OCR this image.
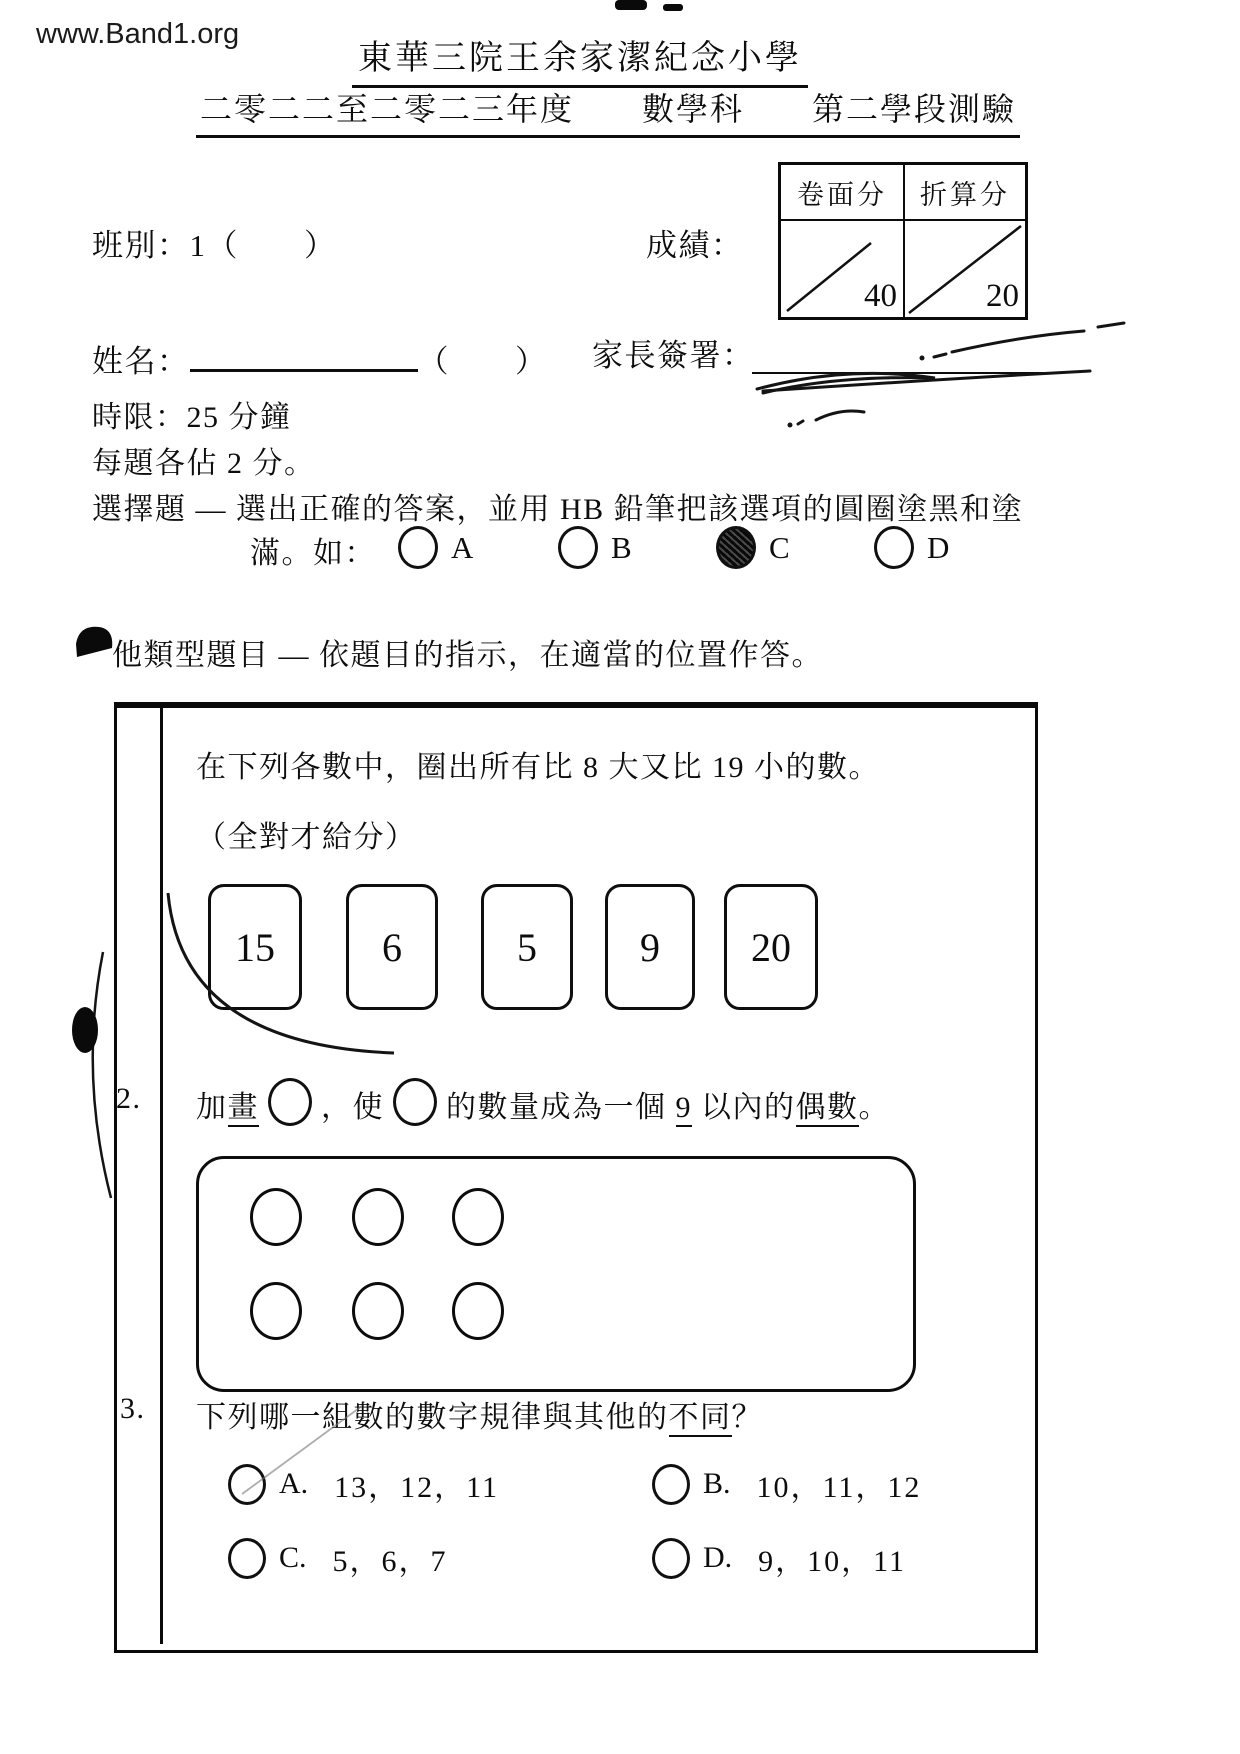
www.Band1.org
東華三院王余家潔紀念小學
二零二二至二零二三年度　　數學科　　第二學段測驗
卷面分	折算分
40	20
成績：
班別：1（　　）
姓名：	（　　） 家長簽署：
時限：25 分鐘
每題各佔 2 分。
選擇題 — 選出正確的答案，並用 HB 鉛筆把該選項的圓圈塗黑和塗
滿。如： A	B	C	D
他類型題目 — 依題目的指示，在適當的位置作答。
在下列各數中，圈出所有比 8 大又比 19 小的數。
（全對才給分）
15	6	5	9 20
2. 加畫 ，使 的數量成為一個 9 以內的偶數。
3. 下列哪一組數的數字規律與其他的不同？
A. 13，12，11	B. 10，11，12
C. 5，6，7	D. 9，10，11
